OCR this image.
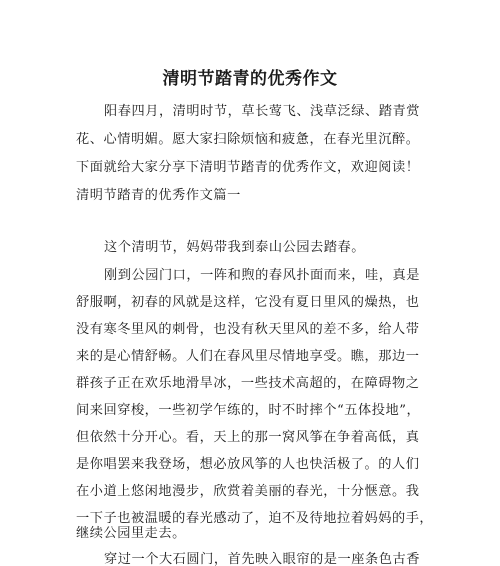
清明节踏青的优秀作文
阳春四月，清明时节，草长莺飞、浅草泛绿、踏青赏
花、心情明媚。愿大家扫除烦恼和疲惫，在春光里沉醉。
下面就给大家分享下清明节踏青的优秀作文，欢迎阅读！
清明节踏青的优秀作文篇一
这个清明节，妈妈带我到泰山公园去踏春。
刚到公园门口，一阵和煦的春风扑面而来，哇，真是
舒服啊，初春的风就是这样，它没有夏日里风的燥热，也
没有寒冬里风的刺骨，也没有秋天里风的差不多，给人带
来的是心情舒畅。人们在春风里尽情地享受。瞧，那边一
群孩子正在欢乐地滑旱冰，一些技术高超的，在障碍物之
间来回穿梭，一些初学乍练的，时不时摔个“五体投地”，
但依然十分开心。看，天上的那一窝风筝在争着高低，真
是你唱罢来我登场，想必放风筝的人也快活极了。的人们
在小道上悠闲地漫步，欣赏着美丽的春光，十分惬意。我
一下子也被温暖的春光感动了，迫不及待地拉着妈妈的手，
继续公园里走去。
穿过一个大石圆门，首先映入眼帘的是一座条色古香
